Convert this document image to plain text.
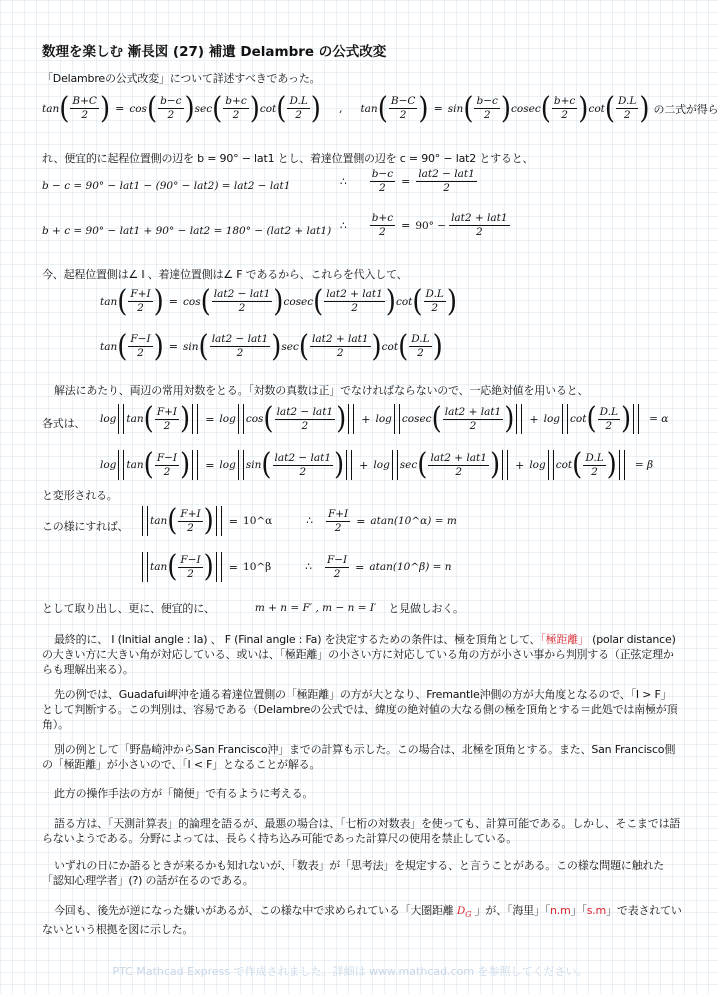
数理を楽しむ 漸長図 (27) 補遺 Delambre の公式改変
「Delambreの公式改変」について詳述すべきであった。
tan ( $\frac{B+C}{2}$ ) = cos ( $\frac{b-c}{2}$ ) sec ( $\frac{b+c}{2}$ ) cot ( $\frac{D.L}{2}$ ) , tan ( $\frac{B-C}{2}$ ) = sin ( $\frac{b-c}{2}$ ) cosec ( $\frac{b+c}{2}$ ) cot ( $\frac{D.L}{2}$ ) の二式が得ら
れ、便宜的に起程位置側の辺を b = 90° − lat1 とし、着達位置側の辺を c = 90° − lat2 とすると、
b − c = 90° − lat1 − (90° − lat2) = lat2 − lat1	∴ $\frac{b-c}{2} = \frac{\text{lat2 − lat1}}{2}$
b + c = 90° − lat1 + 90° − lat2 = 180° − (lat2 + lat1) ∴ $\frac{b+c}{2} = 90^\circ - \frac{\text{lat2 + lat1}}{2}$
今、起程位置側は∠ I 、着達位置側は∠ F であるから、これらを代入して、
tan ( $\frac{F+I}{2}$ ) = cos ( $\frac{\text{lat2 − lat1}}{2}$ ) cosec ( $\frac{\text{lat2 + lat1}}{2}$ ) cot ( $\frac{D.L}{2}$ )
tan ( $\frac{F-I}{2}$ ) = sin ( $\frac{\text{lat2 − lat1}}{2}$ ) sec ( $\frac{\text{lat2 + lat1}}{2}$ ) cot ( $\frac{D.L}{2}$ )
解法にあたり、両辺の常用対数をとる。「対数の真数は正」でなければならないので、一応絶対値を用いると、
各式は、 log tan ( $\frac{F+I}{2}$ ) = log cos ( $\frac{\text{lat2 − lat1}}{2}$ ) + log cosec ( $\frac{\text{lat2 + lat1}}{2}$ ) + log cot ( $\frac{D.L}{2}$ ) = α
log tan ( $\frac{F-I}{2}$ ) = log sin ( $\frac{\text{lat2 − lat1}}{2}$ ) + log sec ( $\frac{\text{lat2 + lat1}}{2}$ ) + log cot ( $\frac{D.L}{2}$ ) = β
と変形される。
この様にすれば、 tan ( $\frac{F+I}{2}$ ) = 10^α	∴ $\frac{F+I}{2}$ = atan(10^α) = m
tan ( $\frac{F-I}{2}$ ) = 10^β	∴ $\frac{F-I}{2}$ = atan(10^β) = n
として取り出し、更に、便宜的に、	m + n = F′ , m − n = I′ と見做しおく。
最終的に、 I (Initial angle : Ia) 、 F (Final angle : Fa) を決定するための条件は、極を頂角として、「極距離」 (polar distance) の大きい方に大きい角が対応している、或いは、「極距離」の小さい方に対応している角の方が小さい事から判別する（正弦定理からも理解出来る）。
先の例では、Guadafui岬沖を通る着達位置側の「極距離」の方が大となり、Fremantle沖側の方が大角度となるので、「I > F」として判断する。この判別は、容易である（Delambreの公式では、緯度の絶対値の大なる側の極を頂角とする＝此処では南極が頂角）。
別の例として「野島崎沖からSan Francisco沖」までの計算も示した。この場合は、北極を頂角とする。また、San Francisco側の「極距離」が小さいので、「I < F」となることが解る。
此方の操作手法の方が「簡便」で有るように考える。
語る方は、「天測計算表」的論理を語るが、最悪の場合は、「七桁の対数表」を使っても、計算可能である。しかし、そこまでは語らないようである。分野によっては、長らく持ち込み可能であった計算尺の使用を禁止している。
いずれの日にか語るときが来るかも知れないが、「数表」が「思考法」を規定する、と言うことがある。この様な問題に触れた「認知心理学者」(?) の話が在るのである。
今回も、後先が逆になった嫌いがあるが、この様な中で求められている「大圏距離 $D_G$ 」が、「海里」「n.m」「s.m」で表されていないという根拠を図に示した。
PTC Mathcad Express で作成されました。詳細は www.mathcad.com を参照してください。
